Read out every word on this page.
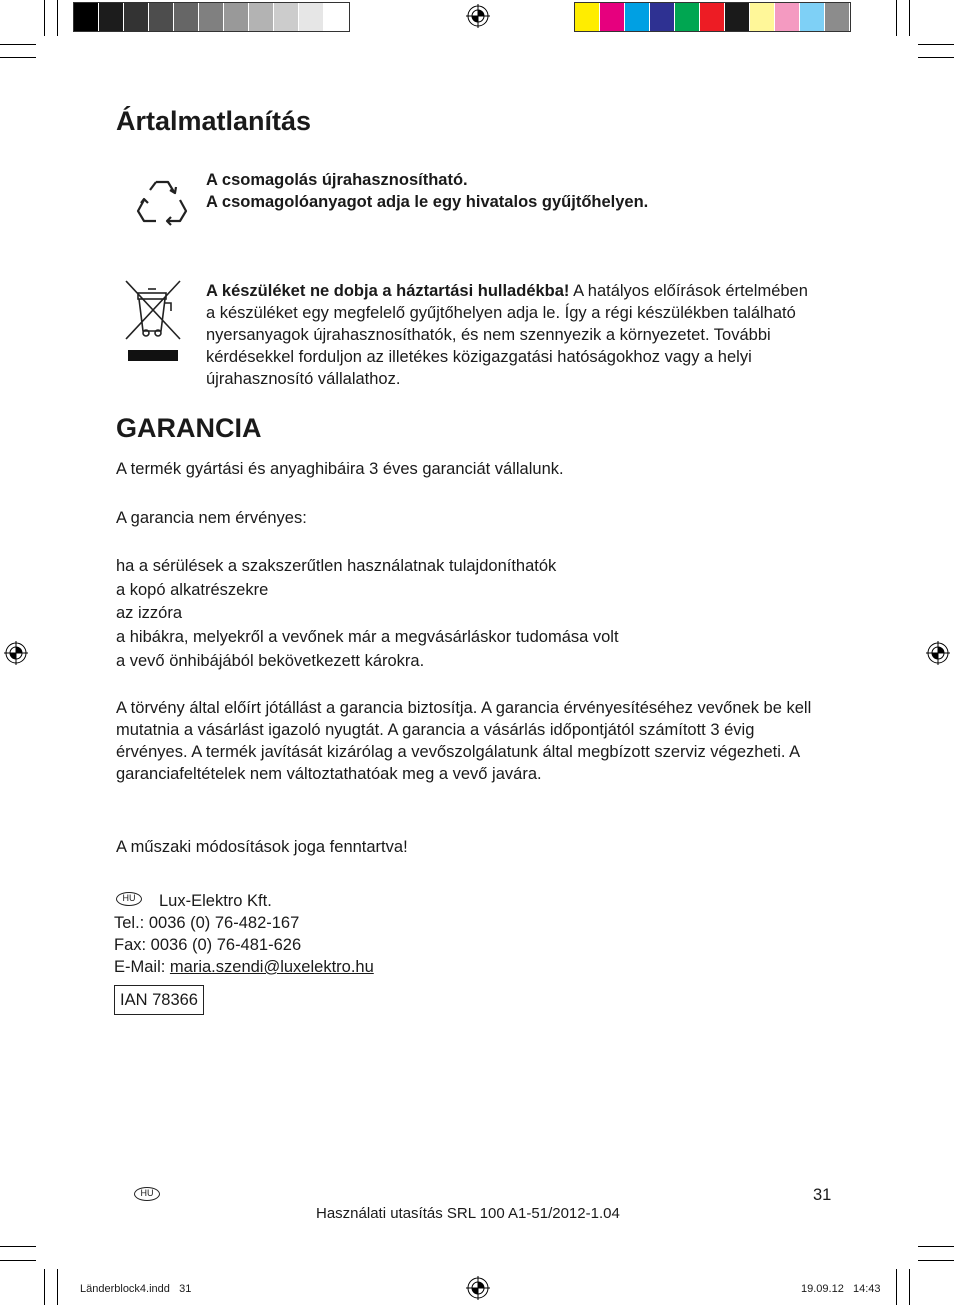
Ártalmatlanítás
A csomagolás újrahasznosítható.
A csomagolóanyagot adja le egy hivatalos gyűjtőhelyen.
A készüléket ne dobja a háztartási hulladékba! A hatályos előírások értelmében a készüléket egy megfelelő gyűjtőhelyen adja le. Így a régi készülékben található nyersanyagok újrahasznosíthatók, és nem szennyezik a környezetet. További kérdésekkel forduljon az illetékes közigazgatási hatóságokhoz vagy a helyi újrahasznosító vállalathoz.
GARANCIA
A termék gyártási és anyaghibáira 3 éves garanciát vállalunk.
A garancia nem érvényes:
ha a sérülések a szakszerűtlen használatnak tulajdoníthatók
a kopó alkatrészekre
az izzóra
a hibákra, melyekről a vevőnek már a megvásárláskor tudomása volt
a vevő önhibájából bekövetkezett károkra.
A törvény által előírt jótállást a garancia biztosítja. A garancia érvényesítéséhez vevőnek be kell mutatnia a vásárlást igazoló nyugtát. A garancia a vásárlás időpontjától számított 3 évig érvényes. A termék javítását kizárólag a vevőszolgálatunk által megbízott szerviz végezheti. A garanciafeltételek nem változtathatóak meg a vevő javára.
A műszaki módosítások joga fenntartva!
HU	Lux-Elektro Kft.
Tel.: 0036 (0) 76-482-167
Fax: 0036 (0) 76-481-626
E-Mail: maria.szendi@luxelektro.hu
IAN 78366
HU	31
Használati utasítás SRL 100 A1-51/2012-1.04
Länderblock4.indd   31	19.09.12   14:43
